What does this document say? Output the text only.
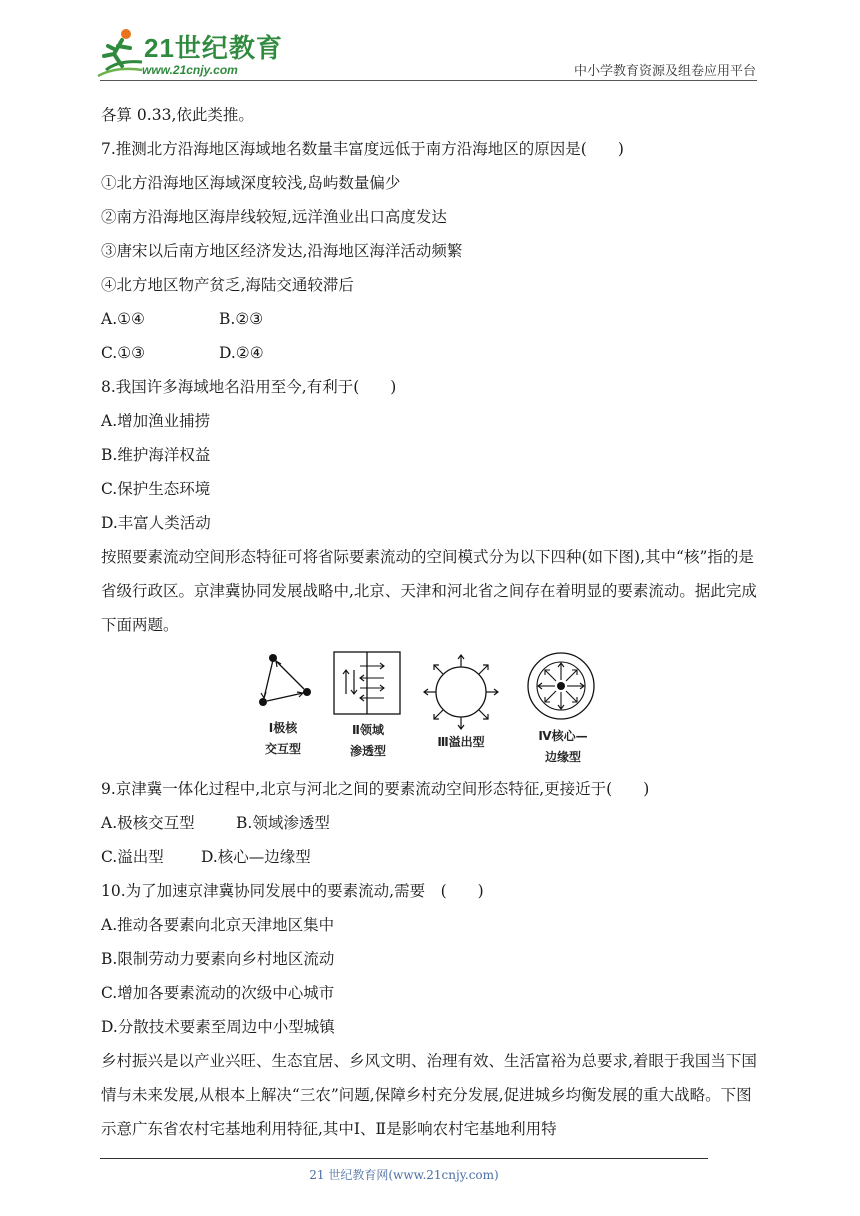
21世纪教育
www.21cnjy.com	中小学教育资源及组卷应用平台
各算 0.33,依此类推。
7.推测北方沿海地区海域地名数量丰富度远低于南方沿海地区的原因是(　　)
①北方沿海地区海域深度较浅,岛屿数量偏少
②南方沿海地区海岸线较短,远洋渔业出口高度发达
③唐宋以后南方地区经济发达,沿海地区海洋活动频繁
④北方地区物产贫乏,海陆交通较滞后
A.①④	B.②③
C.①③	D.②④
8.我国许多海域地名沿用至今,有利于(　　)
A.增加渔业捕捞
B.维护海洋权益
C.保护生态环境
D.丰富人类活动

按照要素流动空间形态特征可将省际要素流动的空间模式分为以下四种(如下图),其中“核”指的是省级行政区。京津冀协同发展战略中,北京、天津和河北省之间存在着明显的要素流动。据此完成下面两题。

Ⅰ极核
交互型
Ⅱ领域
渗透型
Ⅲ溢出型	Ⅳ核心—
边缘型
9.京津冀一体化过程中,北京与河北之间的要素流动空间形态特征,更接近于(　　)
A.极核交互型	B.领域渗透型
C.溢出型	D.核心—边缘型
10.为了加速京津冀协同发展中的要素流动,需要　(　　)
A.推动各要素向北京天津地区集中
B.限制劳动力要素向乡村地区流动
C.增加各要素流动的次级中心城市
D.分散技术要素至周边中小型城镇

乡村振兴是以产业兴旺、生态宜居、乡风文明、治理有效、生活富裕为总要求,着眼于我国当下国情与未来发展,从根本上解决“三农”问题,保障乡村充分发展,促进城乡均衡发展的重大战略。下图示意广东省农村宅基地利用特征,其中Ⅰ、Ⅱ是影响农村宅基地利用特

21 世纪教育网(www.21cnjy.com)
